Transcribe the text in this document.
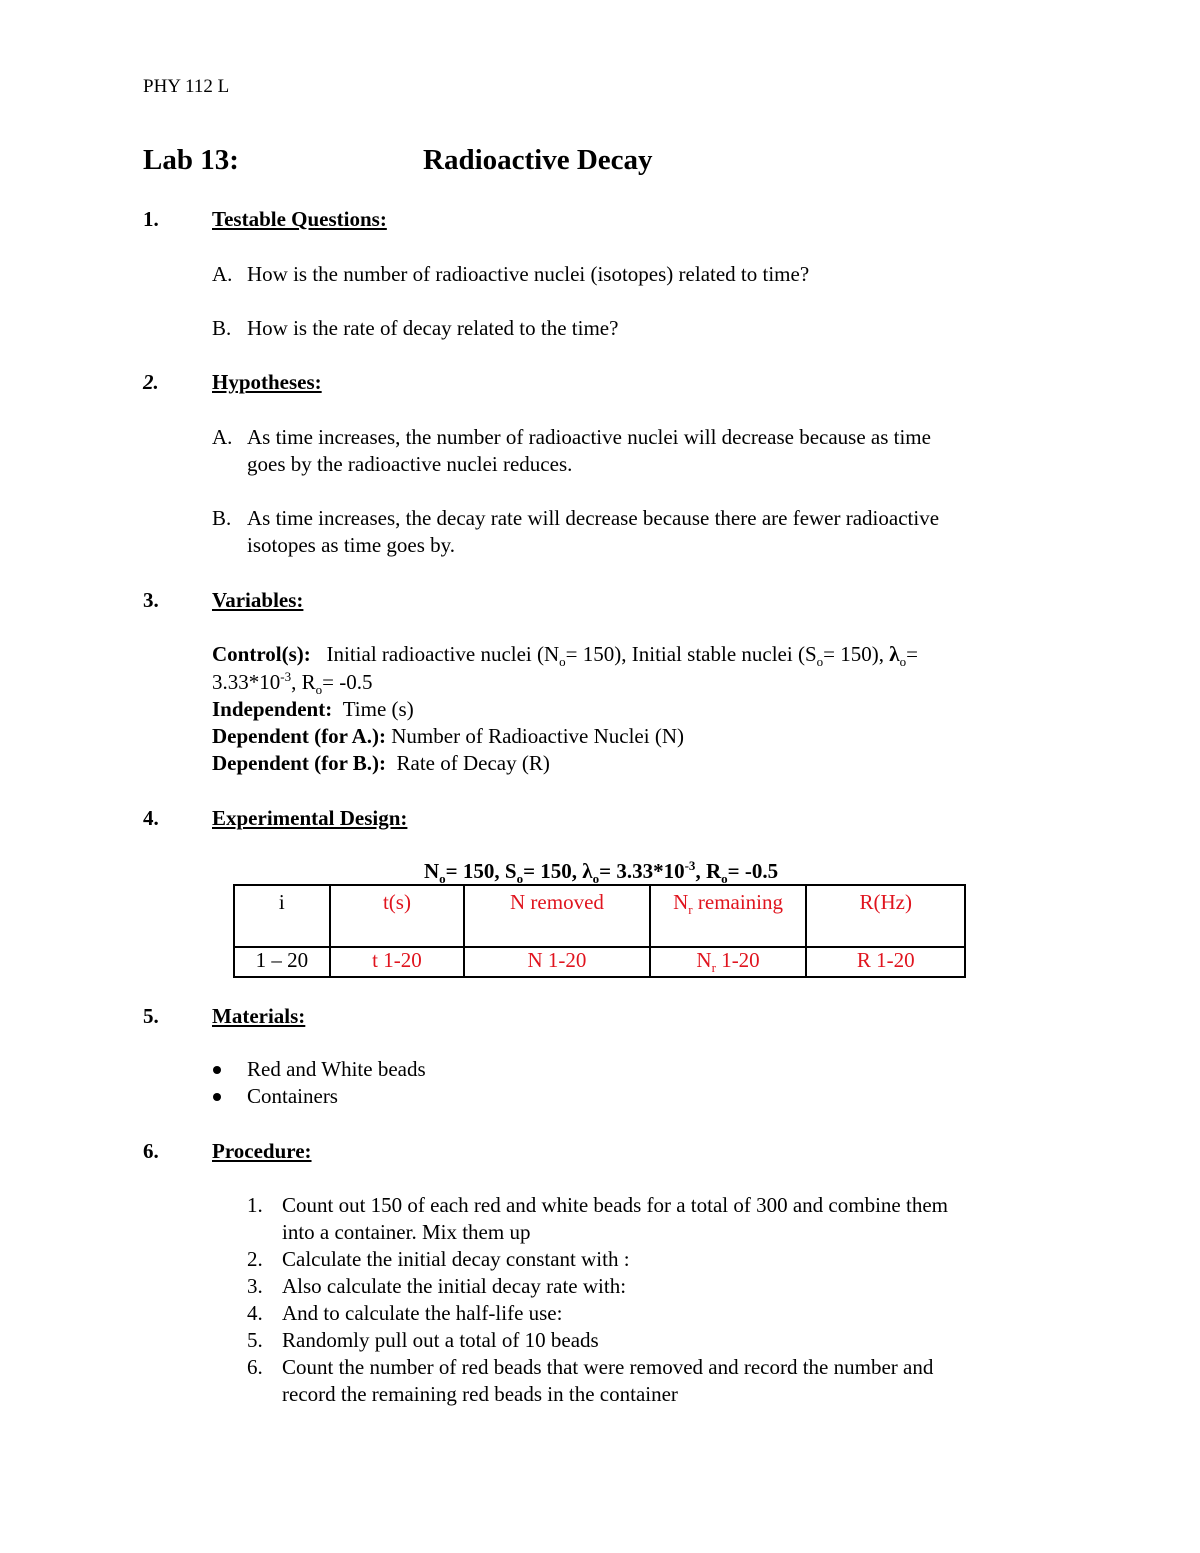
PHY 112 L
Lab 13:	Radioactive Decay
1.	Testable Questions:
A. How is the number of radioactive nuclei (isotopes) related to time?
B. How is the rate of decay related to the time?
2.	Hypotheses:
A. As time increases, the number of radioactive nuclei will decrease because as time
goes by the radioactive nuclei reduces.
B. As time increases, the decay rate will decrease because there are fewer radioactive
isotopes as time goes by.
3.	Variables:
Control(s): Initial radioactive nuclei $(N_o= 150)$, Initial stable nuclei $(S_o= 150)$, $\lambda_o=$
$3.33*10^{-3}$, $R_o= -0.5$
Independent: Time (s)
Dependent (for A.): Number of Radioactive Nuclei (N)
Dependent (for B.): Rate of Decay (R)
4.	Experimental Design:
$N_o= 150$, $S_o= 150$, $\lambda_o= 3.33*10^{-3}$, $R_o= -0.5$
i	t(s)	N removed	$N_r$ remaining	R(Hz)
1 – 20	t 1-20	N 1-20	$N_r$ 1-20	R 1-20
5.	Materials:
Red and White beads
Containers
6.	Procedure:
1. Count out 150 of each red and white beads for a total of 300 and combine them
into a container. Mix them up
2. Calculate the initial decay constant with :
3. Also calculate the initial decay rate with:
4. And to calculate the half-life use:
5. Randomly pull out a total of 10 beads
6. Count the number of red beads that were removed and record the number and
record the remaining red beads in the container
